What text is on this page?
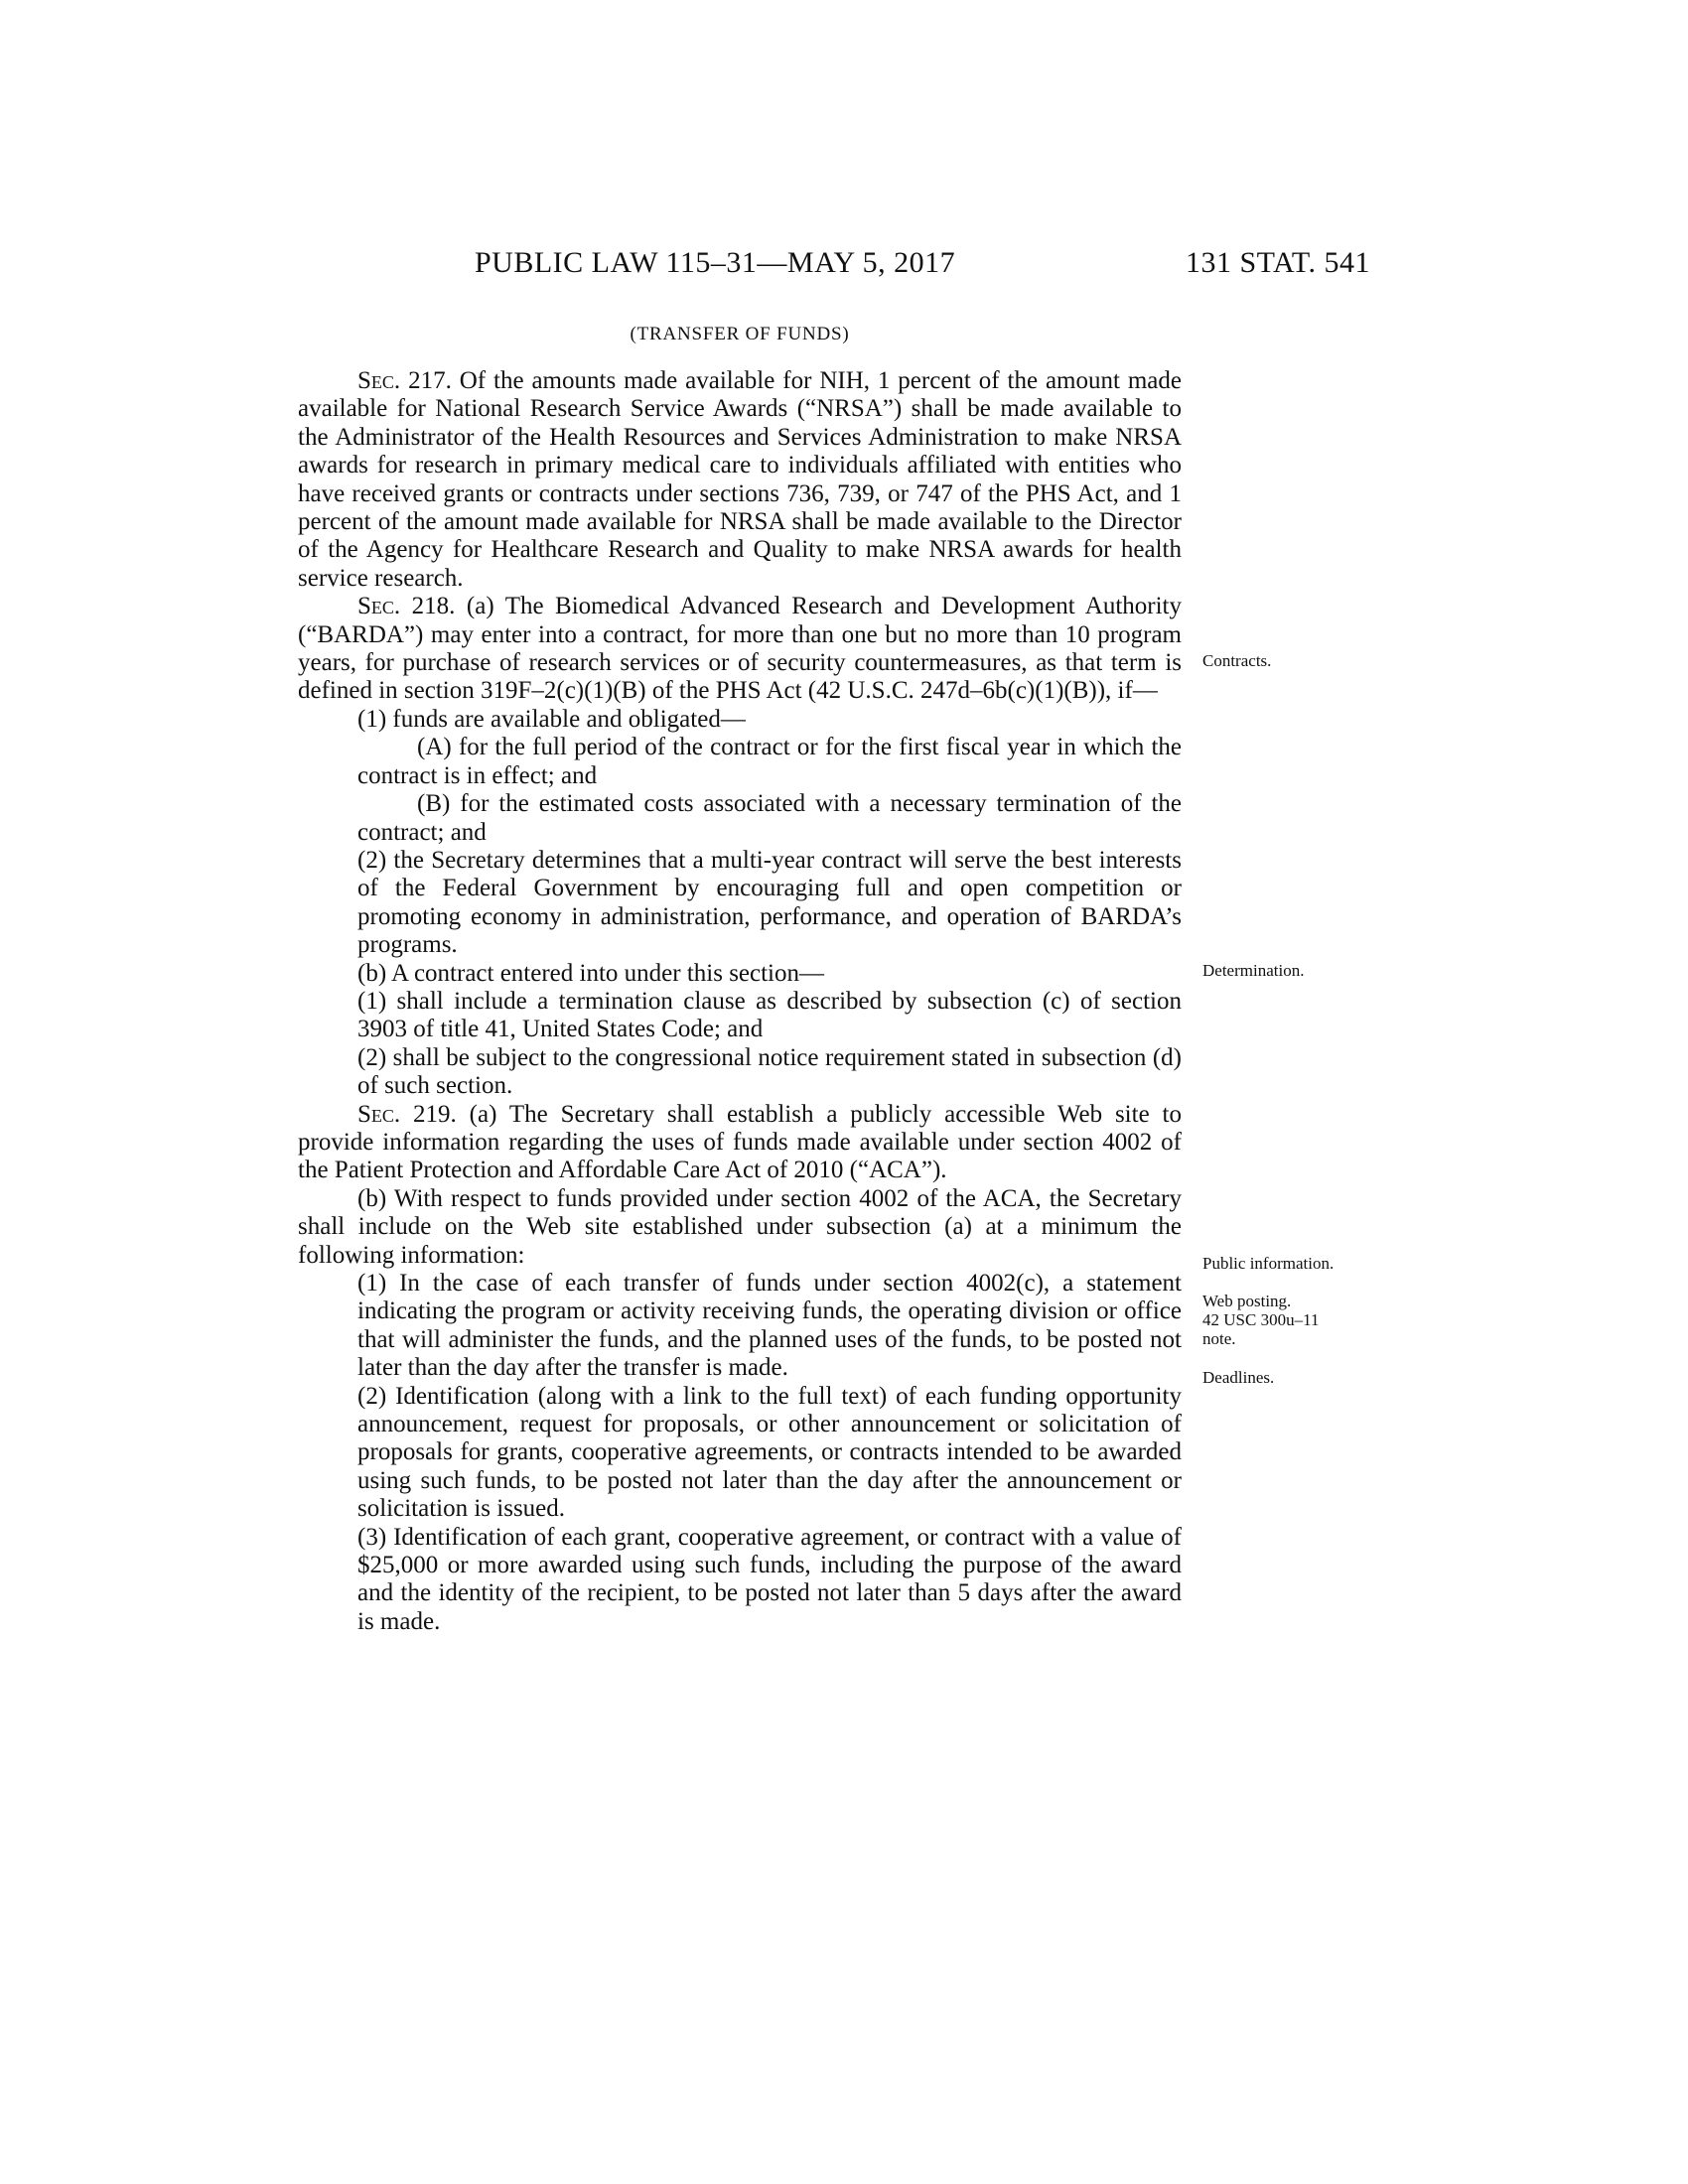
PUBLIC LAW 115–31—MAY 5, 2017	131 STAT. 541
(TRANSFER OF FUNDS)

Sec. 217. Of the amounts made available for NIH, 1 percent of the amount made available for National Research Service Awards (“NRSA”) shall be made available to the Administrator of the Health Resources and Services Administration to make NRSA awards for research in primary medical care to individuals affiliated with entities who have received grants or contracts under sections 736, 739, or 747 of the PHS Act, and 1 percent of the amount made available for NRSA shall be made available to the Director of the Agency for Healthcare Research and Quality to make NRSA awards for health service research.

Sec. 218. (a) The Biomedical Advanced Research and Development Authority (“BARDA”) may enter into a contract, for more than one but no more than 10 program years, for purchase of research services or of security countermeasures, as that term is defined in section 319F–2(c)(1)(B) of the PHS Act (42 U.S.C. 247d–6b(c)(1)(B)), if—

(1) funds are available and obligated—

(A) for the full period of the contract or for the first fiscal year in which the contract is in effect; and

(B) for the estimated costs associated with a necessary termination of the contract; and

(2) the Secretary determines that a multi-year contract will serve the best interests of the Federal Government by encouraging full and open competition or promoting economy in administration, performance, and operation of BARDA’s programs.

(b) A contract entered into under this section—

(1) shall include a termination clause as described by subsection (c) of section 3903 of title 41, United States Code; and

(2) shall be subject to the congressional notice requirement stated in subsection (d) of such section.

Sec. 219. (a) The Secretary shall establish a publicly accessible Web site to provide information regarding the uses of funds made available under section 4002 of the Patient Protection and Affordable Care Act of 2010 (“ACA”).

(b) With respect to funds provided under section 4002 of the ACA, the Secretary shall include on the Web site established under subsection (a) at a minimum the following information:

(1) In the case of each transfer of funds under section 4002(c), a statement indicating the program or activity receiving funds, the operating division or office that will administer the funds, and the planned uses of the funds, to be posted not later than the day after the transfer is made.

(2) Identification (along with a link to the full text) of each funding opportunity announcement, request for proposals, or other announcement or solicitation of proposals for grants, cooperative agreements, or contracts intended to be awarded using such funds, to be posted not later than the day after the announcement or solicitation is issued.

(3) Identification of each grant, cooperative agreement, or contract with a value of $25,000 or more awarded using such funds, including the purpose of the award and the identity of the recipient, to be posted not later than 5 days after the award is made.

Contracts.
Determination.
Public information.
Web posting.
42 USC 300u–11 note.
Deadlines.
